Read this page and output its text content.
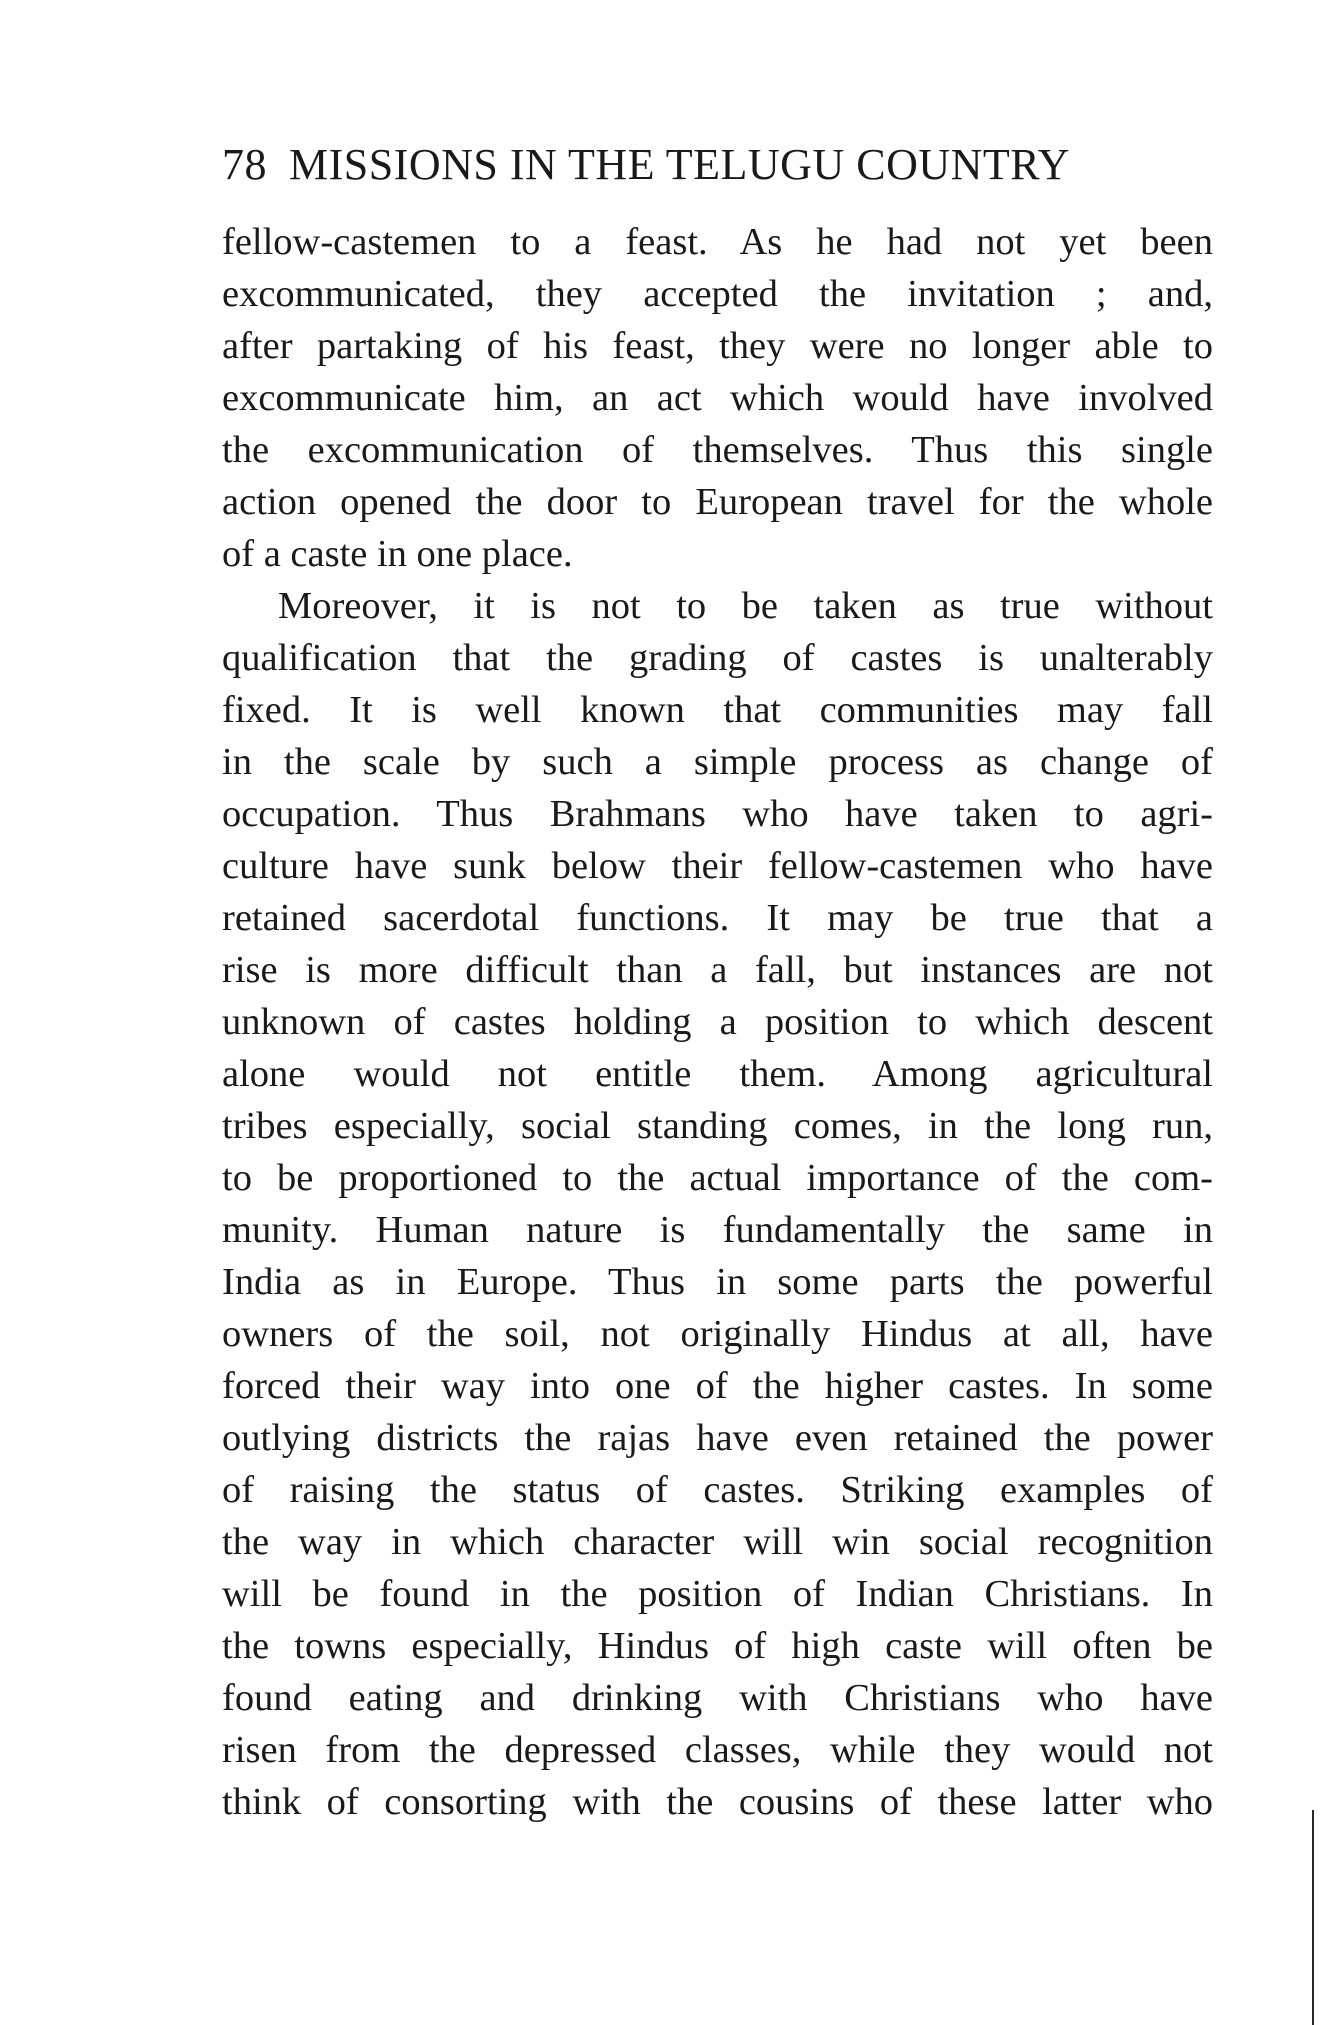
78 MISSIONS IN THE TELUGU COUNTRY
fellow-castemen to a feast. As he had not yet been
excommunicated, they accepted the invitation ; and,
after partaking of his feast, they were no longer able to
excommunicate him, an act which would have involved
the excommunication of themselves. Thus this single
action opened the door to European travel for the whole
of a caste in one place.
Moreover, it is not to be taken as true without
qualification that the grading of castes is unalterably
fixed. It is well known that communities may fall
in the scale by such a simple process as change of
occupation. Thus Brahmans who have taken to agri-
culture have sunk below their fellow-castemen who have
retained sacerdotal functions. It may be true that a
rise is more difficult than a fall, but instances are not
unknown of castes holding a position to which descent
alone would not entitle them. Among agricultural
tribes especially, social standing comes, in the long run,
to be proportioned to the actual importance of the com-
munity. Human nature is fundamentally the same in
India as in Europe. Thus in some parts the powerful
owners of the soil, not originally Hindus at all, have
forced their way into one of the higher castes. In some
outlying districts the rajas have even retained the power
of raising the status of castes. Striking examples of
the way in which character will win social recognition
will be found in the position of Indian Christians. In
the towns especially, Hindus of high caste will often be
found eating and drinking with Christians who have
risen from the depressed classes, while they would not
think of consorting with the cousins of these latter who
